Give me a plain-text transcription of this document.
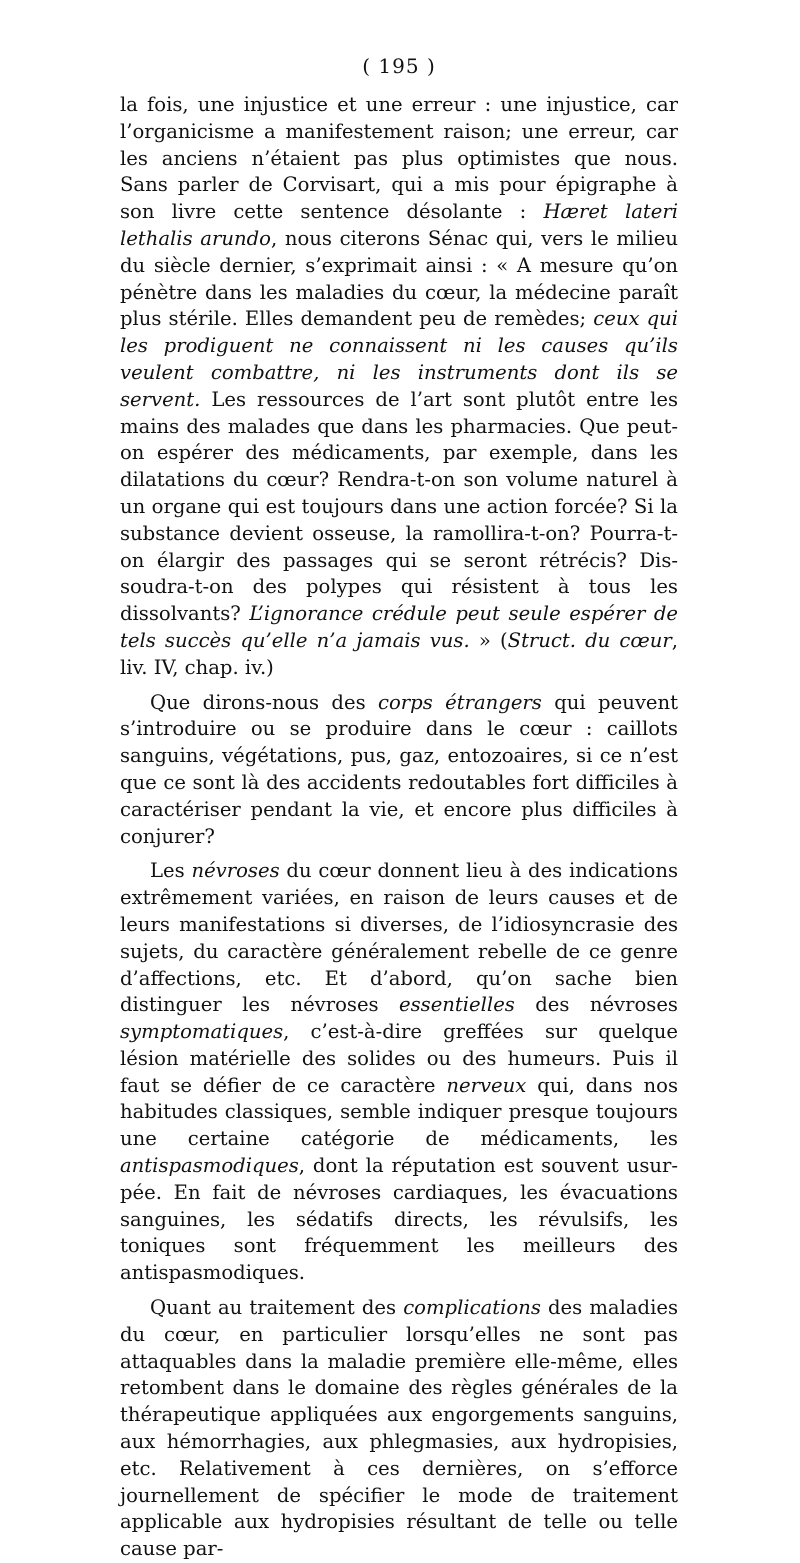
( 195 )

la fois, une injustice et une erreur : une injustice, car l’organicisme a manifestement raison; une erreur, car les anciens n’étaient pas plus optimistes que nous. Sans parler de Corvisart, qui a mis pour épigraphe à son livre cette sentence désolante : Hæret lateri lethalis arundo, nous citerons Sénac qui, vers le milieu du siècle dernier, s’exprimait ainsi : « A mesure qu’on pénètre dans les maladies du cœur, la médecine paraît plus stérile. Elles demandent peu de remèdes; ceux qui les prodiguent ne connaissent ni les causes qu’ils veulent combattre, ni les instruments dont ils se servent. Les ressources de l’art sont plutôt entre les mains des malades que dans les pharmacies. Que peut-on espérer des médicaments, par exemple, dans les dilatations du cœur? Rendra-t-on son volume naturel à un organe qui est toujours dans une action forcée? Si la substance devient osseuse, la ramollira-t-on? Pourra-t-on élargir des passages qui se seront rétrécis? Dissoudra-t-on des polypes qui résistent à tous les dissolvants? L’ignorance crédule peut seule espérer de tels succès qu’elle n’a jamais vus. » (Struct. du cœur, liv. IV, chap. iv.)

Que dirons-nous des corps étrangers qui peuvent s’introduire ou se produire dans le cœur : caillots sanguins, végétations, pus, gaz, entozoaires, si ce n’est que ce sont là des accidents redoutables fort difficiles à caractériser pendant la vie, et encore plus difficiles à conjurer?

Les névroses du cœur donnent lieu à des indications extrêmement variées, en raison de leurs causes et de leurs manifestations si diverses, de l’idiosyncrasie des sujets, du caractère généralement rebelle de ce genre d’affections, etc. Et d’abord, qu’on sache bien distinguer les névroses essentielles des névroses symptomatiques, c’est-à-dire greffées sur quelque lésion matérielle des solides ou des humeurs. Puis il faut se défier de ce caractère nerveux qui, dans nos habitudes classiques, semble indiquer presque toujours une certaine catégorie de médicaments, les antispasmodiques, dont la réputation est souvent usurpée. En fait de névroses cardiaques, les évacuations sanguines, les sédatifs directs, les révulsifs, les toniques sont fréquemment les meilleurs des antispasmodiques.

Quant au traitement des complications des maladies du cœur, en particulier lorsqu’elles ne sont pas attaquables dans la maladie première elle-même, elles retombent dans le domaine des règles générales de la thérapeutique appliquées aux engorgements sanguins, aux hémorrhagies, aux phlegmasies, aux hydropisies, etc. Relativement à ces dernières, on s’efforce journellement de spécifier le mode de traitement applicable aux hydropisies résultant de telle ou telle cause par-
